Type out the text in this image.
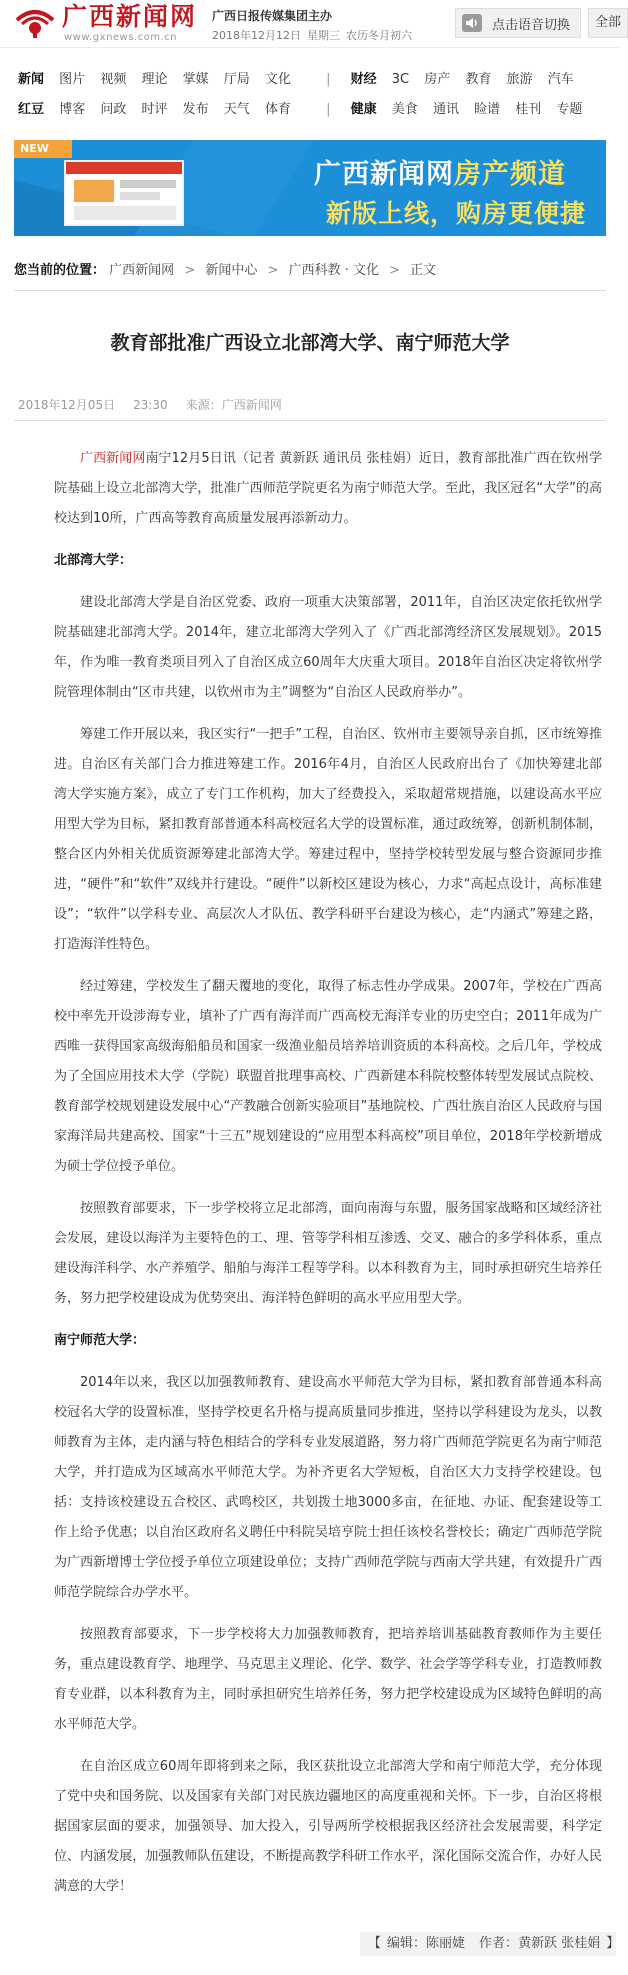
广西新闻网
www.gxnews.com.cn
广西日报传媒集团主办
2018年12月12日 星期三 农历冬月初六
点击语音切换	全部
新闻 图片 视频 理论 掌媒 厅局 文化	| 财经 3C 房产 教育 旅游 汽车
红豆 博客 问政 时评 发布 天气 体育	| 健康 美食 通讯 睑谱 桂刊 专题
NEW
广西新闻网房产频道
新版上线，购房更便捷
您当前的位置： 广西新闻网 > 新闻中心 > 广西科教 · 文化 > 正文
教育部批准广西设立北部湾大学、南宁师范大学
2018年12月05日 23:30 来源：广西新闻网

广西新闻网南宁12月5日讯（记者 黄新跃 通讯员 张桂娟）近日，教育部批准广西在钦州学院基础上设立北部湾大学，批准广西师范学院更名为南宁师范大学。至此，我区冠名“大学”的高校达到10所，广西高等教育高质量发展再添新动力。

北部湾大学：

建设北部湾大学是自治区党委、政府一项重大决策部署，2011年，自治区决定依托钦州学院基础建北部湾大学。2014年，建立北部湾大学列入了《广西北部湾经济区发展规划》。2015年，作为唯一教育类项目列入了自治区成立60周年大庆重大项目。2018年自治区决定将钦州学院管理体制由“区市共建，以钦州市为主”调整为“自治区人民政府举办”。

筹建工作开展以来，我区实行“一把手”工程，自治区、钦州市主要领导亲自抓，区市统筹推进。自治区有关部门合力推进筹建工作。2016年4月，自治区人民政府出台了《加快筹建北部湾大学实施方案》，成立了专门工作机构，加大了经费投入，采取超常规措施，以建设高水平应用型大学为目标，紧扣教育部普通本科高校冠名大学的设置标准，通过政统筹，创新机制体制，整合区内外相关优质资源筹建北部湾大学。筹建过程中，坚持学校转型发展与整合资源同步推进，“硬件”和“软件”双线并行建设。“硬件”以新校区建设为核心，力求“高起点设计，高标准建设”；“软件”以学科专业、高层次人才队伍、教学科研平台建设为核心，走“内涵式”筹建之路，打造海洋性特色。

经过筹建，学校发生了翻天覆地的变化，取得了标志性办学成果。2007年，学校在广西高校中率先开设涉海专业，填补了广西有海洋而广西高校无海洋专业的历史空白；2011年成为广西唯一获得国家高级海船船员和国家一级渔业船员培养培训资质的本科高校。之后几年，学校成为了全国应用技术大学（学院）联盟首批理事高校、广西新建本科院校整体转型发展试点院校、教育部学校规划建设发展中心“产教融合创新实验项目”基地院校、广西壮族自治区人民政府与国家海洋局共建高校、国家“十三五”规划建设的“应用型本科高校”项目单位，2018年学校新增成为硕士学位授予单位。

按照教育部要求，下一步学校将立足北部湾，面向南海与东盟，服务国家战略和区域经济社会发展，建设以海洋为主要特色的工、理、管等学科相互渗透、交叉、融合的多学科体系，重点建设海洋科学、水产养殖学、船舶与海洋工程等学科。以本科教育为主，同时承担研究生培养任务，努力把学校建设成为优势突出、海洋特色鲜明的高水平应用型大学。

南宁师范大学：

2014年以来，我区以加强教师教育、建设高水平师范大学为目标，紧扣教育部普通本科高校冠名大学的设置标准，坚持学校更名升格与提高质量同步推进，坚持以学科建设为龙头，以教师教育为主体，走内涵与特色相结合的学科专业发展道路，努力将广西师范学院更名为南宁师范大学，并打造成为区域高水平师范大学。为补齐更名大学短板，自治区大力支持学校建设。包括：支持该校建设五合校区、武鸣校区，共划拨土地3000多亩，在征地、办证、配套建设等工作上给予优惠；以自治区政府名义聘任中科院吴培亨院士担任该校名誉校长；确定广西师范学院为广西新增博士学位授予单位立项建设单位；支持广西师范学院与西南大学共建，有效提升广西师范学院综合办学水平。

按照教育部要求，下一步学校将大力加强教师教育，把培养培训基础教育教师作为主要任务，重点建设教育学、地理学、马克思主义理论、化学、数学、社会学等学科专业，打造教师教育专业群，以本科教育为主，同时承担研究生培养任务，努力把学校建设成为区域特色鲜明的高水平师范大学。

在自治区成立60周年即将到来之际，我区获批设立北部湾大学和南宁师范大学，充分体现了党中央和国务院、以及国家有关部门对民族边疆地区的高度重视和关怀。下一步，自治区将根据国家层面的要求，加强领导、加大投入，引导两所学校根据我区经济社会发展需要，科学定位、内涵发展，加强教师队伍建设，不断提高教学科研工作水平，深化国际交流合作，办好人民满意的大学！

【 编辑：陈丽婕 作者：黄新跃 张桂娟 】
